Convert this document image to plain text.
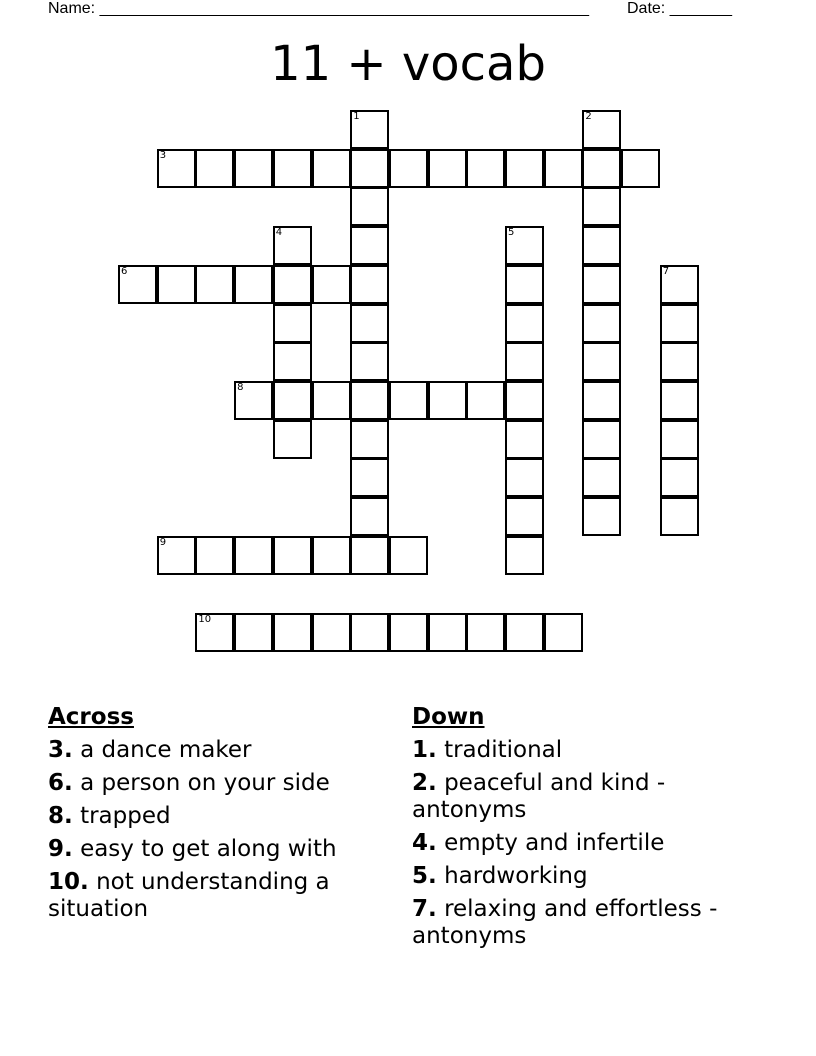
Name: _______________________________________________________ Date: _______
11 + vocab
1	2
3
4	5
6	7
8
9
10
Across
3. a dance maker
6. a person on your side
8. trapped
9. easy to get along with
10. not understanding a situation
Down
1. traditional
2. peaceful and kind - antonyms
4. empty and infertile
5. hardworking
7. relaxing and effortless - antonyms
